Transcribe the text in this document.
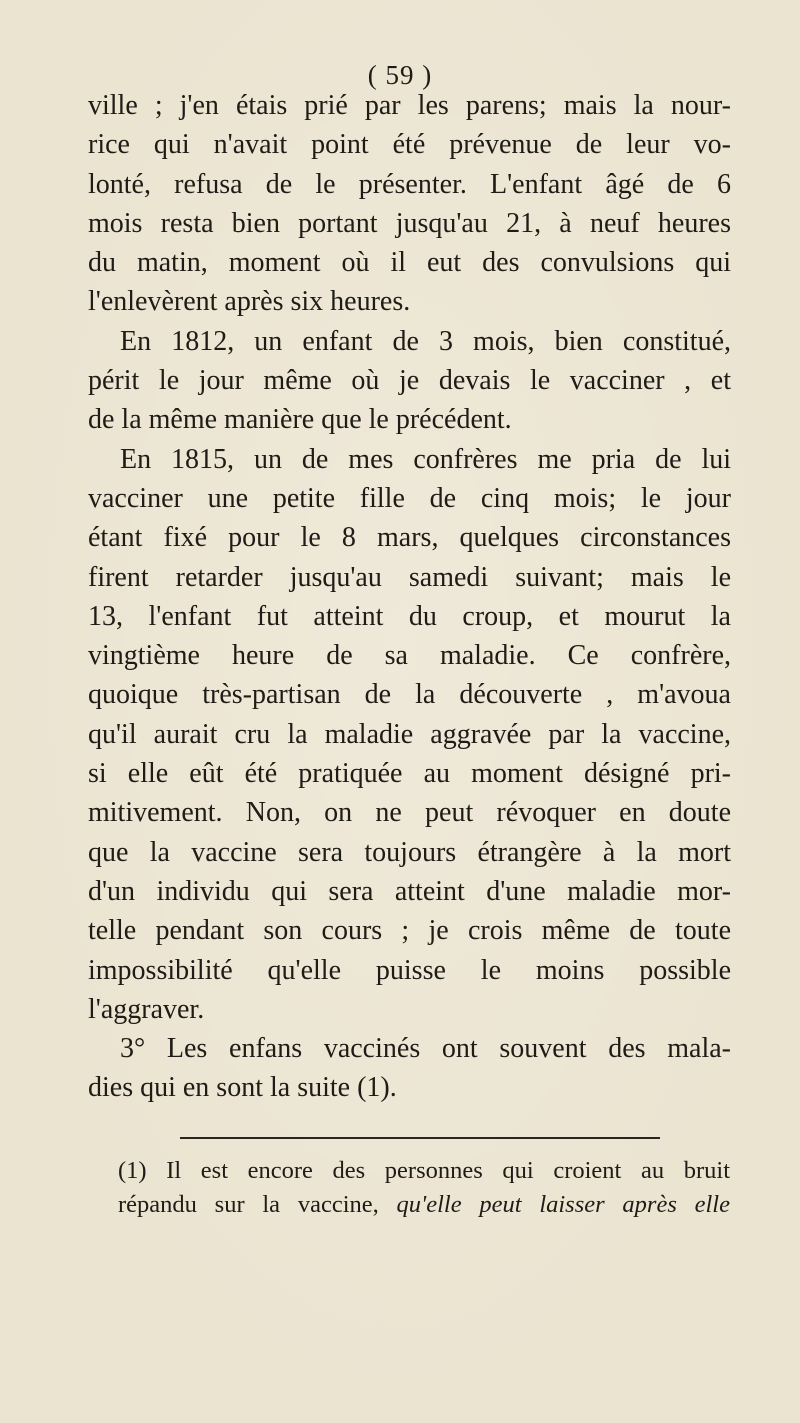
( 59 )
ville ; j'en étais prié par les parens; mais la nour-
rice qui n'avait point été prévenue de leur vo-
lonté, refusa de le présenter. L'enfant âgé de 6
mois resta bien portant jusqu'au 21, à neuf heures
du matin, moment où il eut des convulsions qui
l'enlevèrent après six heures.
En 1812, un enfant de 3 mois, bien constitué,
périt le jour même où je devais le vacciner , et
de la même manière que le précédent.
En 1815, un de mes confrères me pria de lui
vacciner une petite fille de cinq mois; le jour
étant fixé pour le 8 mars, quelques circonstances
firent retarder jusqu'au samedi suivant; mais le
13, l'enfant fut atteint du croup, et mourut la
vingtième heure de sa maladie. Ce confrère,
quoique très-partisan de la découverte , m'avoua
qu'il aurait cru la maladie aggravée par la vaccine,
si elle eût été pratiquée au moment désigné pri-
mitivement. Non, on ne peut révoquer en doute
que la vaccine sera toujours étrangère à la mort
d'un individu qui sera atteint d'une maladie mor-
telle pendant son cours ; je crois même de toute
impossibilité qu'elle puisse le moins possible
l'aggraver.
3° Les enfans vaccinés ont souvent des mala-
dies qui en sont la suite (1).
(1) Il est encore des personnes qui croient au bruit
répandu sur la vaccine, qu'elle peut laisser après elle
